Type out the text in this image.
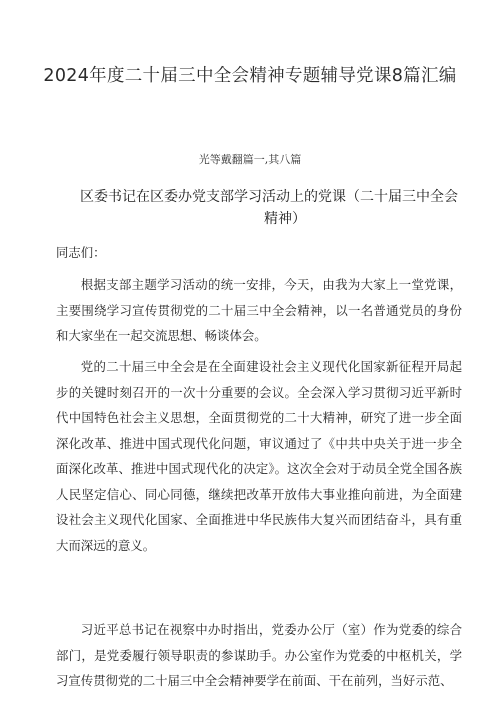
2024年度二十届三中全会精神专题辅导党课8篇汇编

光等戴翻篇一,其八篇

区委书记在区委办党支部学习活动上的党课（二十届三中全会
精神）

同志们：

根据支部主题学习活动的统一安排，今天，由我为大家上一堂党课，主要围绕学习宣传贯彻党的二十届三中全会精神，以一名普通党员的身份和大家坐在一起交流思想、畅谈体会。

党的二十届三中全会是在全面建设社会主义现代化国家新征程开局起步的关键时刻召开的一次十分重要的会议。全会深入学习贯彻习近平新时代中国特色社会主义思想，全面贯彻党的二十大精神，研究了进一步全面深化改革、推进中国式现代化问题，审议通过了《中共中央关于进一步全面深化改革、推进中国式现代化的决定》。这次全会对于动员全党全国各族人民坚定信心、同心同德，继续把改革开放伟大事业推向前进，为全面建设社会主义现代化国家、全面推进中华民族伟大复兴而团结奋斗，具有重大而深远的意义。

习近平总书记在视察中办时指出，党委办公厅（室）作为党委的综合部门，是党委履行领导职责的参谋助手。办公室作为党委的中枢机关，学习宣传贯彻党的二十届三中全会精神要学在前面、干在前列，当好示范、
